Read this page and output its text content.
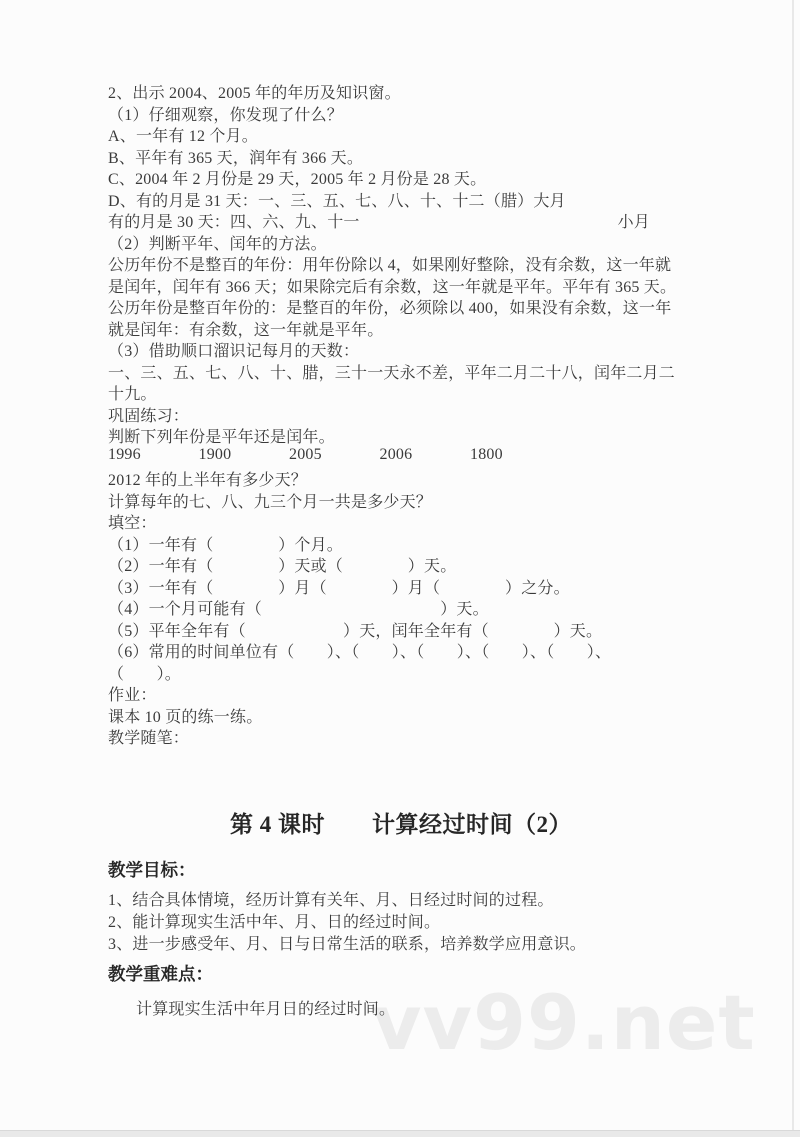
vv99.net
2、出示 2004、2005 年的年历及知识窗。
（1）仔细观察，你发现了什么？
A、一年有 12 个月。
B、平年有 365 天，润年有 366 天。
C、2004 年 2 月份是 29 天，2005 年 2 月份是 28 天。
D、有的月是 31 天：一、三、五、七、八、十、十二（腊）大月
有的月是 30 天：四、六、九、十一	小月
（2）判断平年、闰年的方法。
公历年份不是整百的年份：用年份除以 4，如果刚好整除，没有余数，这一年就
是闰年，闰年有 366 天；如果除完后有余数，这一年就是平年。平年有 365 天。
公历年份是整百年份的：是整百的年份，必须除以 400，如果没有余数，这一年
就是闰年：有余数，这一年就是平年。
（3）借助顺口溜识记每月的天数：
一、三、五、七、八、十、腊，三十一天永不差，平年二月二十八，闰年二月二
十九。
巩固练习：
判断下列年份是平年还是闰年。
1996	1900	2005	2006	1800
2012 年的上半年有多少天？
计算每年的七、八、九三个月一共是多少天？
填空：
（1）一年有（　　　　）个月。
（2）一年有（　　　　）天或（　　　　）天。
（3）一年有（　　　　）月（　　　　）月（　　　　）之分。
（4）一个月可能有（　　　　　　　　　　　）天。
（5）平年全年有（　　　　　　）天，闰年全年有（　　　　）天。
（6）常用的时间单位有（　　）、（　　）、（　　）、（　　）、（　　）、
（　　）。
作业：
课本 10 页的练一练。
教学随笔：
第 4 课时　　计算经过时间（2）
教学目标：
1、结合具体情境，经历计算有关年、月、日经过时间的过程。
2、能计算现实生活中年、月、日的经过时间。
3、进一步感受年、月、日与日常生活的联系，培养数学应用意识。
教学重难点：
计算现实生活中年月日的经过时间。
